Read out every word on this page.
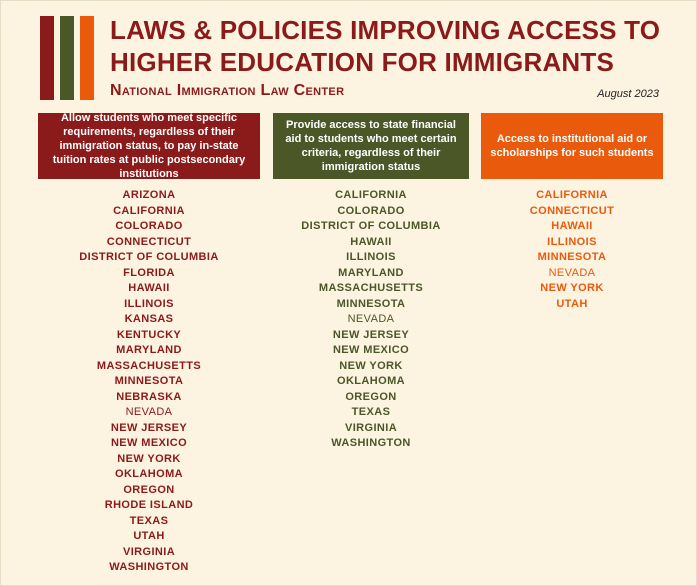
LAWS & POLICIES IMPROVING ACCESS TO HIGHER EDUCATION FOR IMMIGRANTS
National Immigration Law Center	August 2023
Allow students who meet specific requirements, regardless of their immigration status, to pay in-state tuition rates at public postsecondary institutions
Provide access to state financial aid to students who meet certain criteria, regardless of their immigration status
Access to institutional aid or scholarships for such students
ARIZONA
CALIFORNIA
COLORADO
CONNECTICUT
DISTRICT OF COLUMBIA
FLORIDA
HAWAII
ILLINOIS
KANSAS
KENTUCKY
MARYLAND
MASSACHUSETTS
MINNESOTA
NEBRASKA
NEVADA
NEW JERSEY
NEW MEXICO
NEW YORK
OKLAHOMA
OREGON
RHODE ISLAND
TEXAS
UTAH
VIRGINIA
WASHINGTON
CALIFORNIA
COLORADO
DISTRICT OF COLUMBIA
HAWAII
ILLINOIS
MARYLAND
MASSACHUSETTS
MINNESOTA
NEVADA
NEW JERSEY
NEW MEXICO
NEW YORK
OKLAHOMA
OREGON
TEXAS
VIRGINIA
WASHINGTON
CALIFORNIA
CONNECTICUT
HAWAII
ILLINOIS
MINNESOTA
NEVADA
NEW YORK
UTAH
